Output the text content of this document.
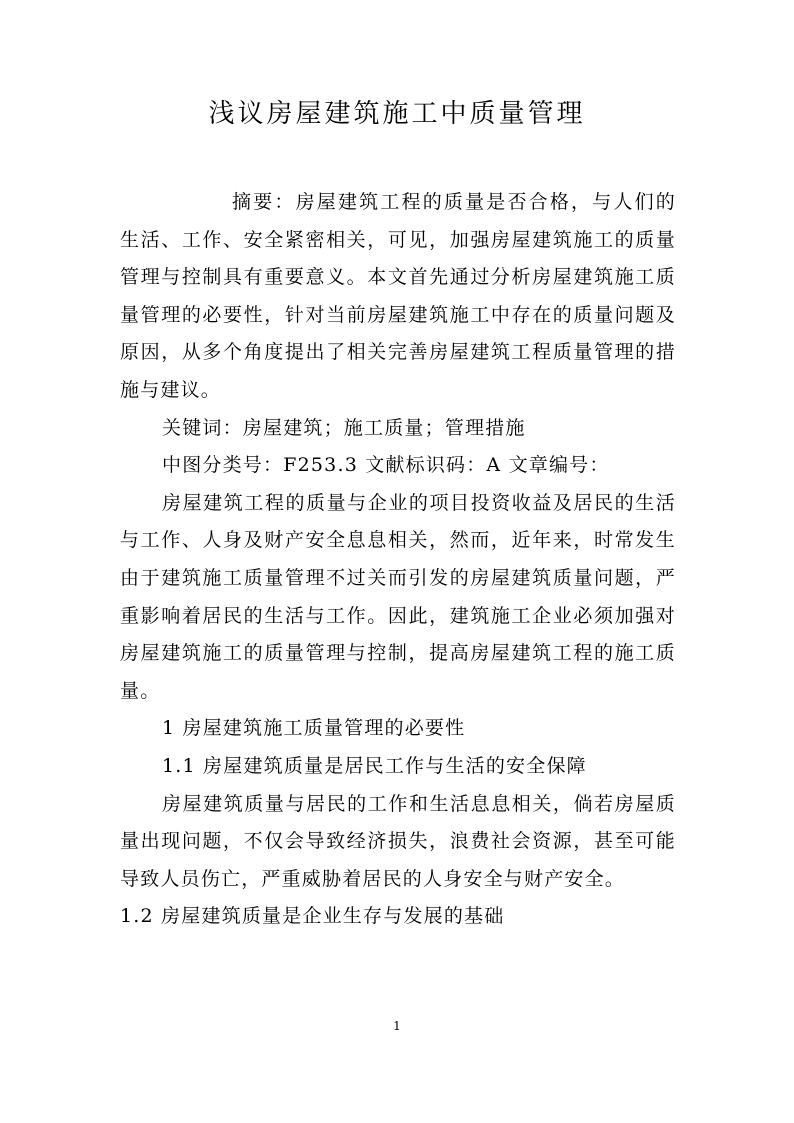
浅议房屋建筑施工中质量管理

摘要：房屋建筑工程的质量是否合格，与人们的生活、工作、安全紧密相关，可见，加强房屋建筑施工的质量管理与控制具有重要意义。本文首先通过分析房屋建筑施工质量管理的必要性，针对当前房屋建筑施工中存在的质量问题及原因，从多个角度提出了相关完善房屋建筑工程质量管理的措施与建议。

关键词：房屋建筑；施工质量；管理措施

中图分类号：F253.3 文献标识码：A 文章编号：

房屋建筑工程的质量与企业的项目投资收益及居民的生活与工作、人身及财产安全息息相关，然而，近年来，时常发生由于建筑施工质量管理不过关而引发的房屋建筑质量问题，严重影响着居民的生活与工作。因此，建筑施工企业必须加强对房屋建筑施工的质量管理与控制，提高房屋建筑工程的施工质量。

1 房屋建筑施工质量管理的必要性

1.1 房屋建筑质量是居民工作与生活的安全保障

房屋建筑质量与居民的工作和生活息息相关，倘若房屋质量出现问题，不仅会导致经济损失，浪费社会资源，甚至可能导致人员伤亡，严重威胁着居民的人身安全与财产安全。

1.2 房屋建筑质量是企业生存与发展的基础

1
